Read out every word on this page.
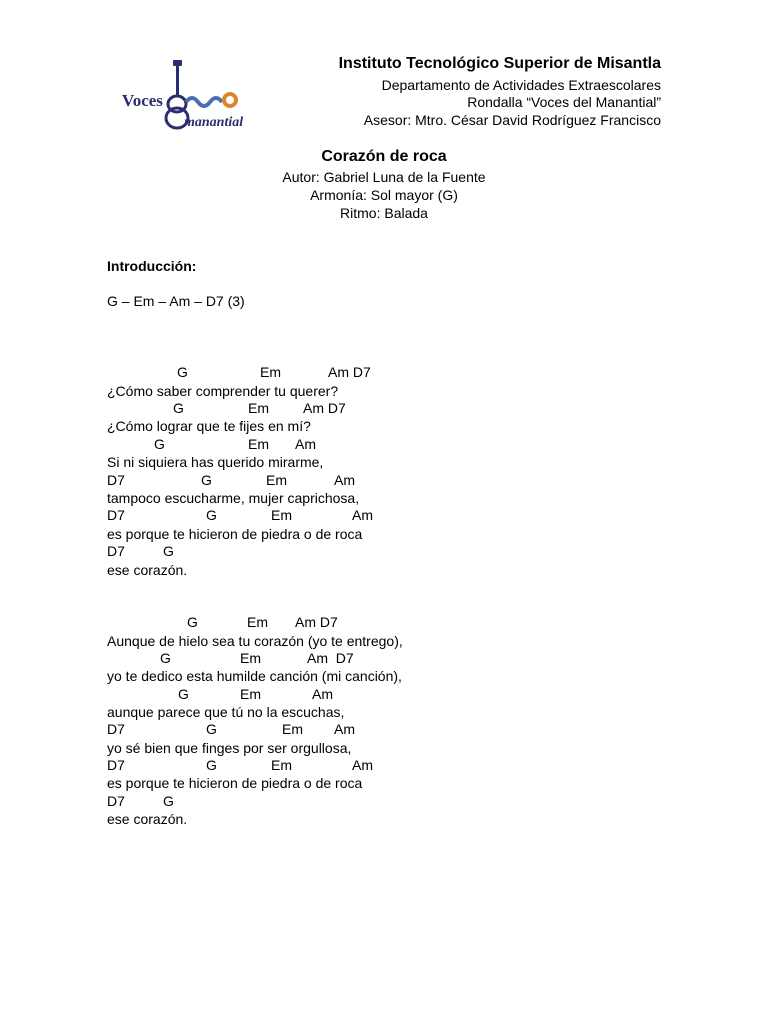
Voces
manantial
Instituto Tecnológico Superior de Misantla
Departamento de Actividades Extraescolares
Rondalla “Voces del Manantial”
Asesor: Mtro. César David Rodríguez Francisco
Corazón de roca
Autor: Gabriel Luna de la Fuente
Armonía: Sol mayor (G)
Ritmo: Balada
Introducción:
G – Em – Am – D7 (3)
G	Em	Am D7
¿Cómo saber comprender tu querer?
G	Em Am D7
¿Cómo lograr que te fijes en mí?
G	Em Am
Si ni siquiera has querido mirarme,
D7	G	Em	Am
tampoco escucharme, mujer caprichosa,
D7	G	Em	Am
es porque te hicieron de piedra o de roca
D7	G
ese corazón.
G	Em Am D7
Aunque de hielo sea tu corazón (yo te entrego),
G	Em	Am  D7
yo te dedico esta humilde canción (mi canción),
G	Em	Am
aunque parece que tú no la escuchas,
D7	G	Em Am
yo sé bien que finges por ser orgullosa,
D7	G	Em	Am
es porque te hicieron de piedra o de roca
D7	G
ese corazón.
